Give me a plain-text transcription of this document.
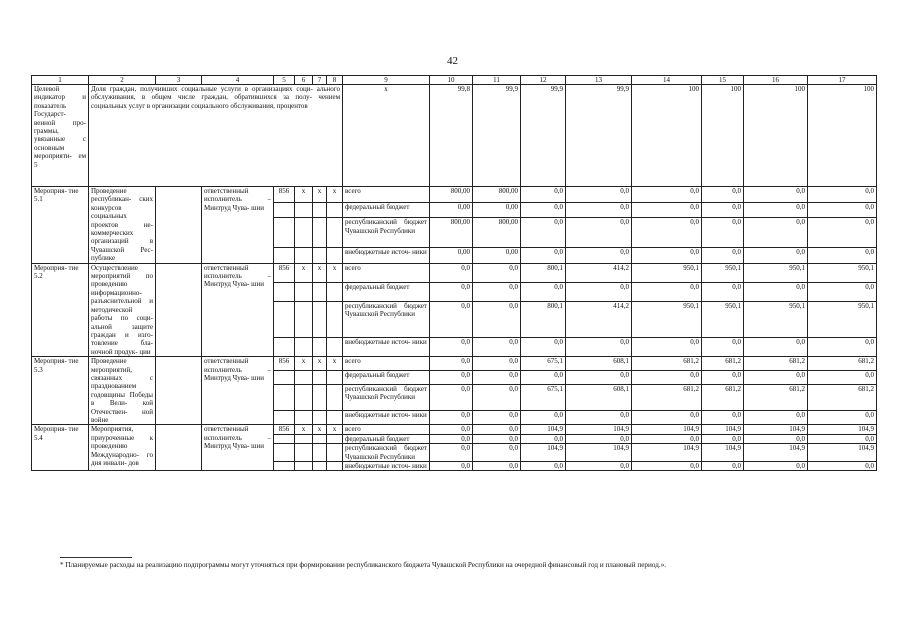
42
1	2	3	4	5	6	7	8	9	10	11	12	13	14	15	16	17
Целевой индикатор и показатель Государст- венной про- граммы, увязанные с основным мероприяти- ем 5	Доля граждан, получивших социальные услуги в организациях соци- ального обслуживания, в общем числе граждан, обратившихся за полу- чением социальных услуг в организации социального обслуживания, процентов							х	99,8	99,9	99,9	99,9	100	100	100	100
Мероприя- тие 5.1	Проведение республикан- ских конкурсов социальных проектов не- коммерческих организаций в Чувашской Рес- публике		ответственный исполнитель – Минтруд Чува- шии	856	х	х	х	всего	800,00	800,00	0,0	0,0	0,0	0,0	0,0	0,0
								федеральный бюджет	0,00	0,00	0,0	0,0	0,0	0,0	0,0	0,0
								республиканский бюджет Чувашской Республики	800,00	800,00	0,0	0,0	0,0	0,0	0,0	0,0
								внебюджетные источ- ники	0,00	0,00	0,0	0,0	0,0	0,0	0,0	0,0
Мероприя- тие 5.2	Осуществление мероприятий по проведению информационно- разъяснительной и методической работы по соци- альной защите граждан и изго- товление бла- ночной продук- ции		ответственный исполнитель – Минтруд Чува- шии	856	х	х	х	всего	0,0	0,0	800,1	414,2	950,1	950,1	950,1	950,1
								федеральный бюджет	0,0	0,0	0,0	0,0	0,0	0,0	0,0	0,0
								республиканский бюджет Чувашской Республики	0,0	0,0	800,1	414,2	950,1	950,1	950,1	950,1
								внебюджетные источ- ники	0,0	0,0	0,0	0,0	0,0	0,0	0,0	0,0
Мероприя- тие 5.3	Проведение мероприятий, связанных с празднованием годовщины Победы в Вели- кой Отечествен- ной войне		ответственный исполнитель – Минтруд Чува- шии	856	х	х	х	всего	0,0	0,0	675,1	608,1	681,2	681,2	681,2	681,2
								федеральный бюджет	0,0	0,0	0,0	0,0	0,0	0,0	0,0	0,0
								республиканский бюджет Чувашской Республики	0,0	0,0	675,1	608,1	681,2	681,2	681,2	681,2
								внебюджетные источ- ники	0,0	0,0	0,0	0,0	0,0	0,0	0,0	0,0
Мероприя- тие 5.4	Мероприятия, приуроченные к проведению Международно- го дня инвали- дов		ответственный исполнитель – Минтруд Чува- шии	856	х	х	х	всего	0,0	0,0	104,9	104,9	104,9	104,9	104,9	104,9
								федеральный бюджет	0,0	0,0	0,0	0,0	0,0	0,0	0,0	0,0
								республиканский бюджет Чувашской Республики	0,0	0,0	104,9	104,9	104,9	104,9	104,9	104,9
								внебюджетные источ- ники	0,0	0,0	0,0	0,0	0,0	0,0	0,0	0,0
* Планируемые расходы на реализацию подпрограммы могут уточняться при формировании республиканского бюджета Чувашской Республики на очередной финансовый год и плановый период.».
